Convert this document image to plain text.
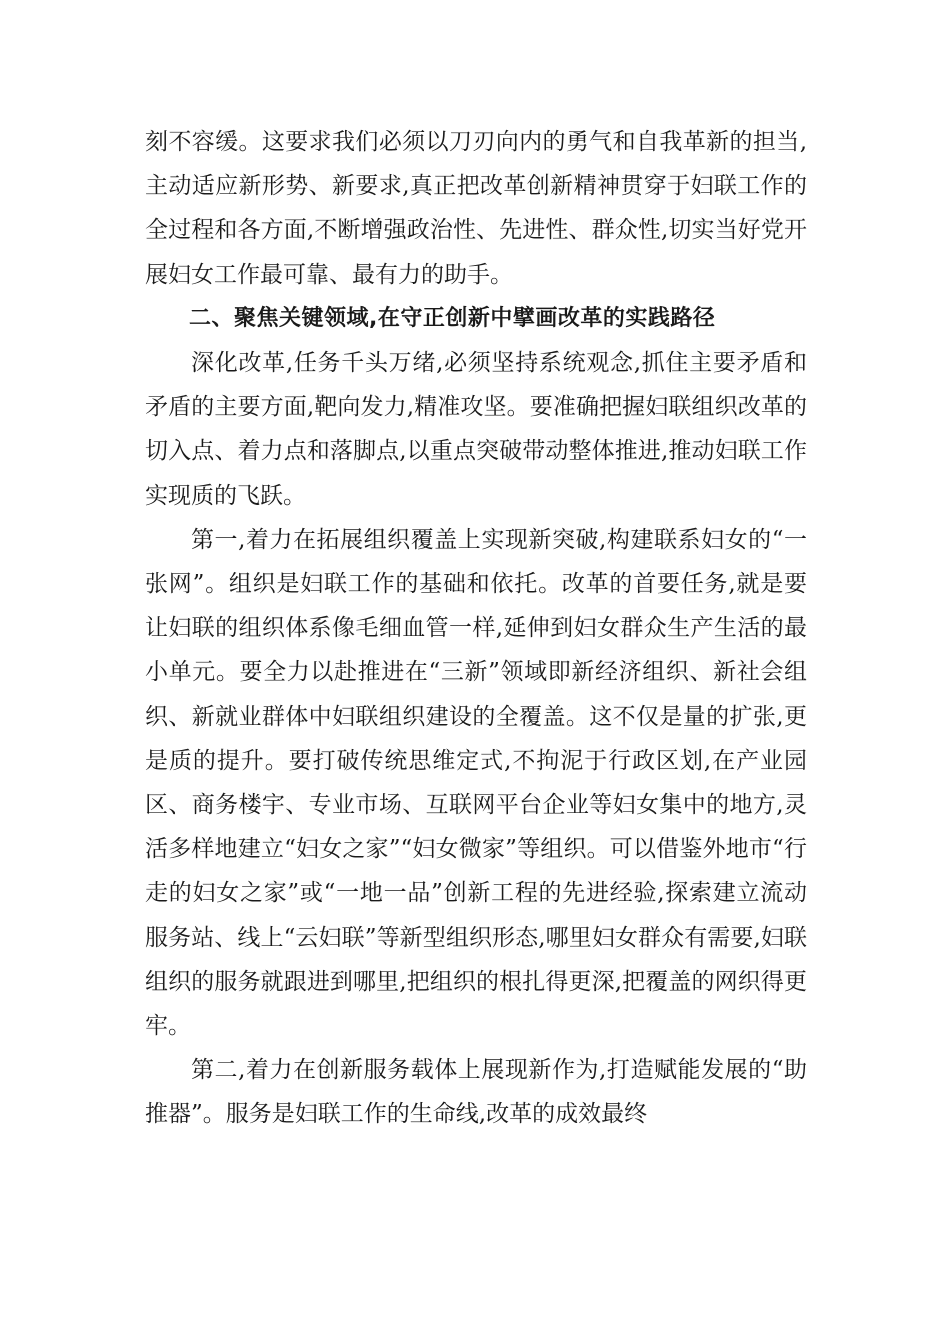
刻不容缓。这要求我们必须以刀刃向内的勇气和自我革新的担当,主动适应新形势、新要求,真正把改革创新精神贯穿于妇联工作的全过程和各方面,不断增强政治性、先进性、群众性,切实当好党开展妇女工作最可靠、最有力的助手。

二、聚焦关键领域,在守正创新中擘画改革的实践路径

深化改革,任务千头万绪,必须坚持系统观念,抓住主要矛盾和矛盾的主要方面,靶向发力,精准攻坚。要准确把握妇联组织改革的切入点、着力点和落脚点,以重点突破带动整体推进,推动妇联工作实现质的飞跃。

第一,着力在拓展组织覆盖上实现新突破,构建联系妇女的“一张网”。组织是妇联工作的基础和依托。改革的首要任务,就是要让妇联的组织体系像毛细血管一样,延伸到妇女群众生产生活的最小单元。要全力以赴推进在“三新”领域即新经济组织、新社会组织、新就业群体中妇联组织建设的全覆盖。这不仅是量的扩张,更是质的提升。要打破传统思维定式,不拘泥于行政区划,在产业园区、商务楼宇、专业市场、互联网平台企业等妇女集中的地方,灵活多样地建立“妇女之家”“妇女微家”等组织。可以借鉴外地市“行走的妇女之家”或“一地一品”创新工程的先进经验,探索建立流动服务站、线上“云妇联”等新型组织形态,哪里妇女群众有需要,妇联组织的服务就跟进到哪里,把组织的根扎得更深,把覆盖的网织得更牢。

第二,着力在创新服务载体上展现新作为,打造赋能发展的“助推器”。服务是妇联工作的生命线,改革的成效最终
